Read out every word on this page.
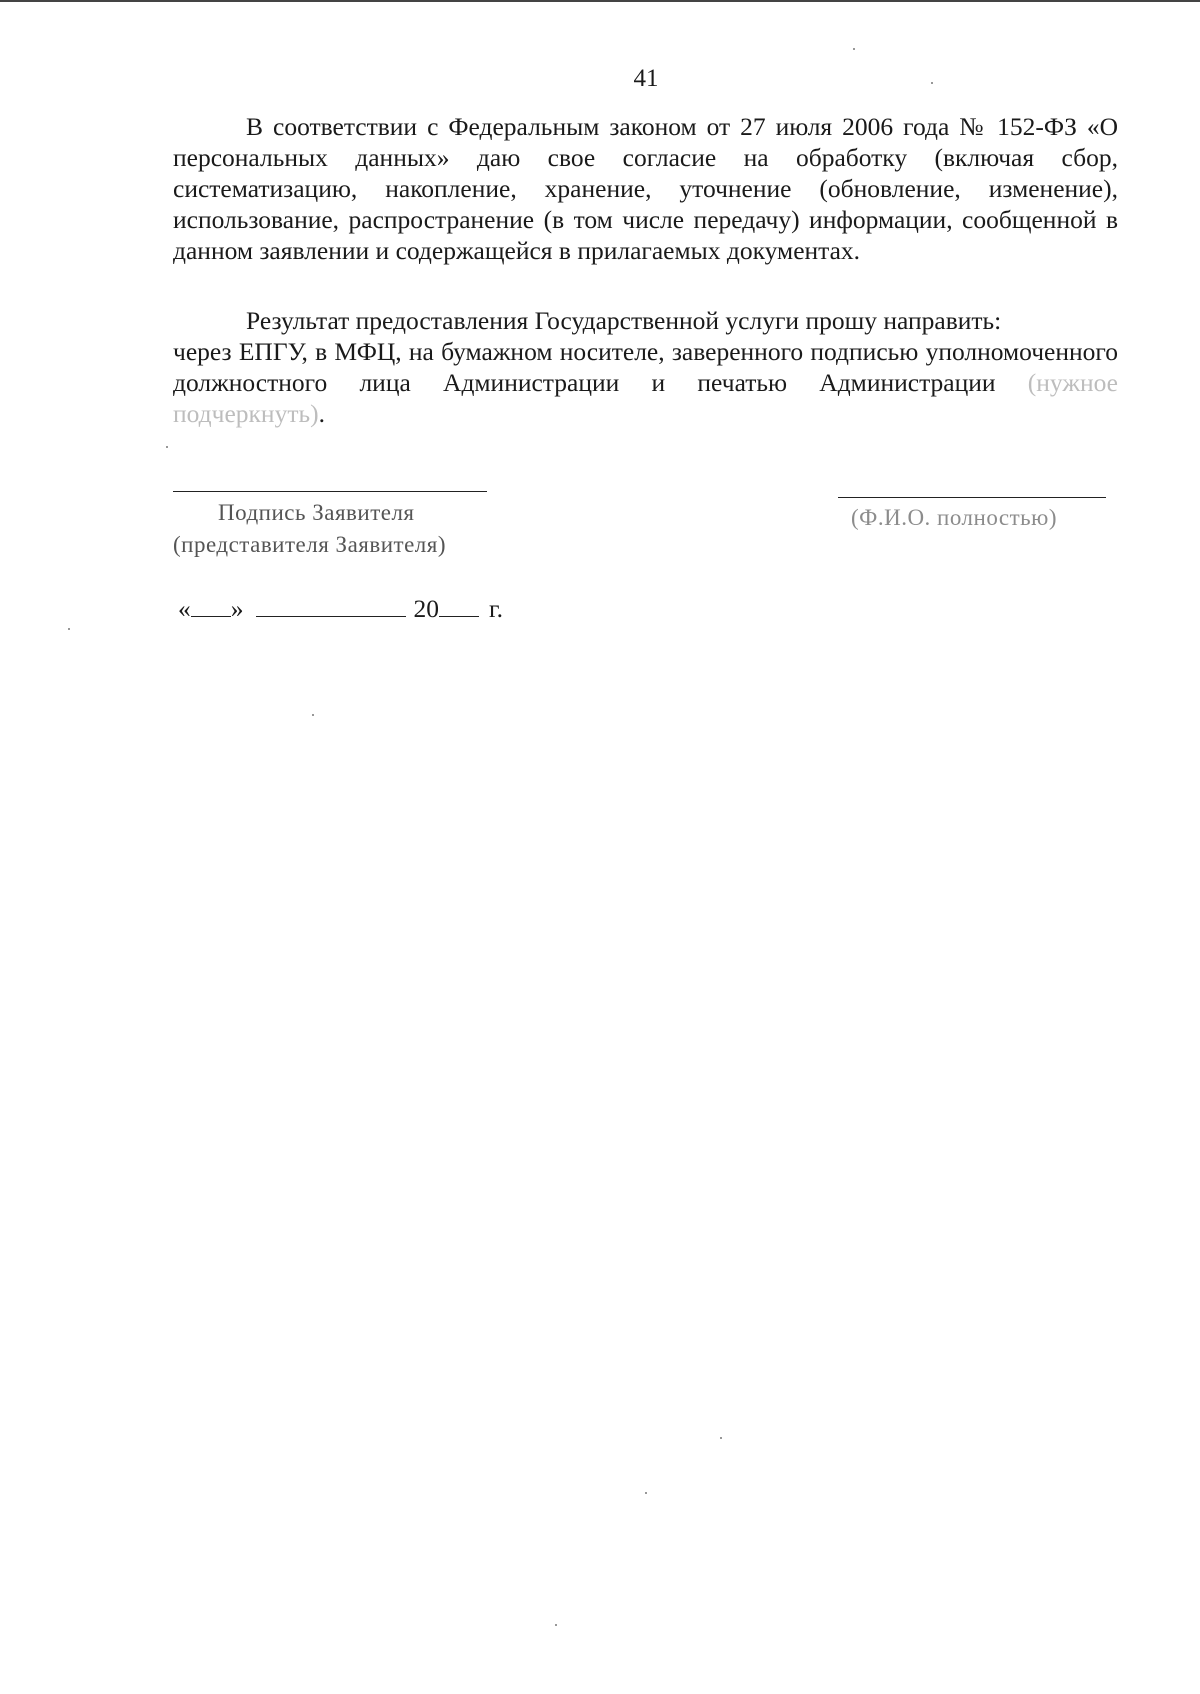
41

В соответствии с Федеральным законом от 27 июля 2006 года № 152-ФЗ «О персональных данных» даю свое согласие на обработку (включая сбор, систематизацию, накопление, хранение, уточнение (обновление, изменение), использование, распространение (в том числе передачу) информации, сообщенной в данном заявлении и содержащейся в прилагаемых документах.

Результат предоставления Государственной услуги прошу направить:
через ЕПГУ, в МФЦ, на бумажном носителе, заверенного подписью уполномоченного должностного лица Администрации и печатью Администрации (нужное подчеркнуть).

Подпись Заявителя
(представителя Заявителя)
(Ф.И.О. полностью)
« »	20 г.
